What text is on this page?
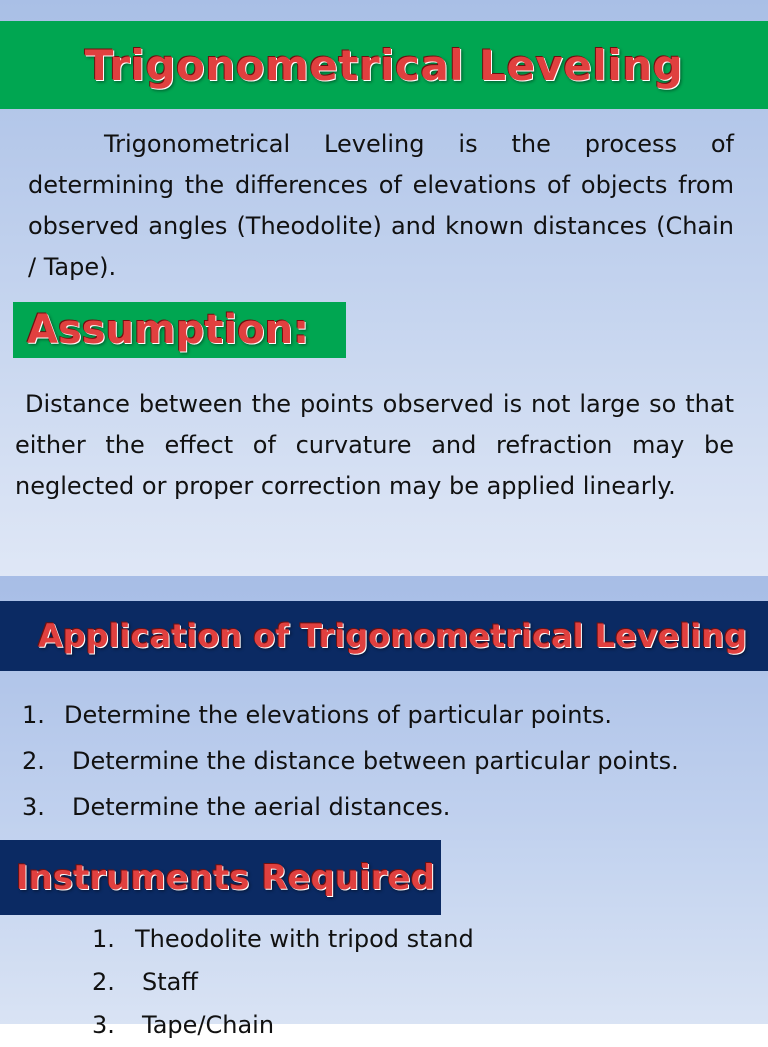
Trigonometrical Leveling

Trigonometrical Leveling is the process of determining the differences of elevations of objects from observed angles (Theodolite) and known distances (Chain / Tape).

Assumption:

Distance between the points observed is not large so that either the effect of curvature and refraction may be neglected or proper correction may be applied linearly.

Application of Trigonometrical Leveling
1. Determine the elevations of particular points.
2.	Determine the distance between particular points.
3.	Determine the aerial distances.
Instruments Required
1. Theodolite with tripod stand
2.	Staff
3.	Tape/Chain
